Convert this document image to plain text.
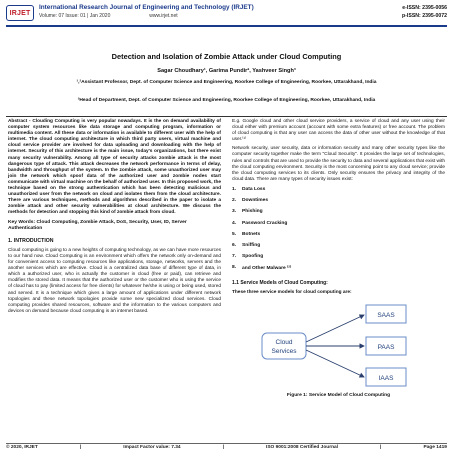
IRJET
International Research Journal of Engineering and Technology (IRJET)
Volume: 07 Issue: 01 | Jan 2020	www.irjet.net
e-ISSN: 2395-0056
p-ISSN: 2395-0072
Detection and Isolation of Zombie Attack under Cloud Computing
Sagar Choudhary¹, Garima Pundir², Yashveer Singh³
¹,²Assistant Professor, Dept. of Computer Science and Engineering, Roorkee College of Engineering, Roorkee, Uttarakhand, India
³Head of Department, Dept. of Computer Science and Engineering, Roorkee College of Engineering, Roorkee, Uttarakhand, India

Abstract - Clouding Computing is very popular nowadays. It is the on demand availability of computer system resources like data storage and computing program, information or multimedia content. All these data or information is available to different user with the help of internet. The cloud computing architecture in which third party users, virtual machine and cloud service provider are involved for data uploading and downloading with the help of internet. Security of this architecture is the main issue, today's organizations, but there exist many security vulnerability. Among all type of security attacks zombie attack is the most dangerous type of attack. This attack decreases the network performance in terms of delay, bandwidth and throughput of the system. In the zombie attack, some unauthorized user may join the network which spoof data of the authorized user and zombie nodes start communicate with virtual machine on the behalf of authorized user. In this proposed work, the technique based on the strong authentication which has been detecting malicious and unauthorized user from the network on cloud and isolates them from the cloud architecture. There are various techniques, methods and algorithms described in the paper to isolate a zombie attack and other security vulnerabilities at cloud architecture. We discuss the methods for detection and stopping this kind of zombie attack from cloud.

Key Words: Cloud Computing, Zombie Attack, DoS, Security, User, ID, Server Authentication

1. INTRODUCTION

Cloud computing is going to a new heights of computing technology, as we can have more resources to our hand now. Cloud Computing is an environment which offers the network only on-demand and for convenient access to computing resources like applications, storage, networks, servers and the another services which are effective. Cloud is a centralized data base of different type of data, in which a authorized user, who is actually the customer in cloud (free or paid), can retrieve and modifies the stored data. It means that the authorized user or the customer who is using the service of cloud has to pay (limited access for free clients) for whatever he/she is using or being used, stored and served. It is a technique which gives a large amount of applications under different network topologies and these network topologies provide some new specialized cloud services. Cloud computing provides shared resources, software and the information to the various computers and devices on demand because cloud computing is an internet based.

E.g. Google cloud and other cloud service providers, a service of cloud and any user using their cloud either with premium account (account with some extra features) or free account. The problem of cloud computing is that any user can access the data of other user without the knowledge of that user.⁽¹⁾

Network security, user security, data or information security and many other security types like the computer security together make the term "Cloud Security". It provides the large set of technologies, rules and controls that are used to provide the security to data and several applications that exist with the cloud computing environment. Security is the most concerning point to any cloud service; provide the cloud computing services to its clients. Only security ensures the privacy and integrity of the cloud data. There are many types of security issues exist:

1.	Data Loss
2.	Downtimes
3.	Phishing
4.	Password Cracking
5.	Botnets
6.	Sniffing
7.	Spoofing
8.	and Other Malware ⁽²⁾
1.1 Service Models of Cloud Computing:

These three service models for cloud computing are:

Cloud
Services
SAAS
PAAS
IAAS
Figure 1: Service Model of Cloud Computing
© 2020, IRJET	|	Impact Factor value: 7.34	|	ISO 9001:2008 Certified Journal	|	Page 1419
